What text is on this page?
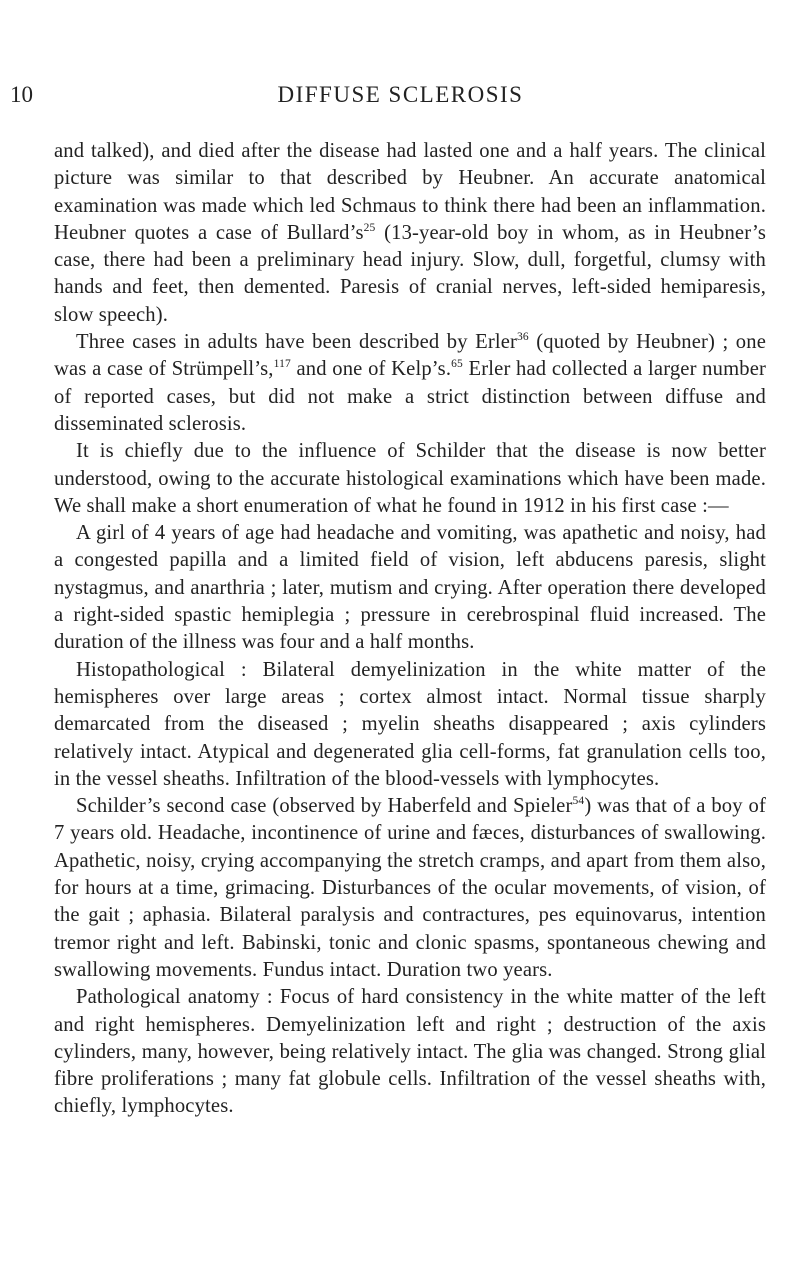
10	DIFFUSE SCLEROSIS

and talked), and died after the disease had lasted one and a half years. The clinical picture was similar to that described by Heubner. An accurate anatomical examination was made which led Schmaus to think there had been an inflammation. Heubner quotes a case of $Bullard’s^{25}$ (13-year-old boy in whom, as in Heubner’s case, there had been a preliminary head injury. Slow, dull, forgetful, clumsy with hands and feet, then demented. Paresis of cranial nerves, left-sided hemiparesis, slow speech).

Three cases in adults have been described by Erler$^{36}$ (quoted by Heubner) ; one was a case of Strümpell’s,$^{117}$ and one of Kelp’s.$^{65}$ Erler had collected a larger number of reported cases, but did not make a strict distinction between diffuse and disseminated sclerosis.

It is chiefly due to the influence of Schilder that the disease is now better understood, owing to the accurate histological examinations which have been made. We shall make a short enumeration of what he found in 1912 in his first case :—

A girl of 4 years of age had headache and vomiting, was apathetic and noisy, had a congested papilla and a limited field of vision, left abducens paresis, slight nystagmus, and anarthria ; later, mutism and crying. After operation there developed a right-sided spastic hemiplegia ; pressure in cerebrospinal fluid increased. The duration of the illness was four and a half months.

Histopathological : Bilateral demyelinization in the white matter of the hemispheres over large areas ; cortex almost intact. Normal tissue sharply demarcated from the diseased ; myelin sheaths disappeared ; axis cylinders relatively intact. Atypical and degenerated glia cell-forms, fat granulation cells too, in the vessel sheaths. Infiltration of the blood-vessels with lymphocytes.

Schilder’s second case (observed by Haberfeld and Spieler$^{54}$) was that of a boy of 7 years old. Headache, incontinence of urine and fæces, disturbances of swallowing. Apathetic, noisy, crying accompanying the stretch cramps, and apart from them also, for hours at a time, grimacing. Disturbances of the ocular movements, of vision, of the gait ; aphasia. Bilateral paralysis and contractures, pes equinovarus, intention tremor right and left. Babinski, tonic and clonic spasms, spontaneous chewing and swallowing movements. Fundus intact. Duration two years.

Pathological anatomy : Focus of hard consistency in the white matter of the left and right hemispheres. Demyelinization left and right ; destruction of the axis cylinders, many, however, being relatively intact. The glia was changed. Strong glial fibre proliferations ; many fat globule cells. Infiltration of the vessel sheaths with, chiefly, lymphocytes.
